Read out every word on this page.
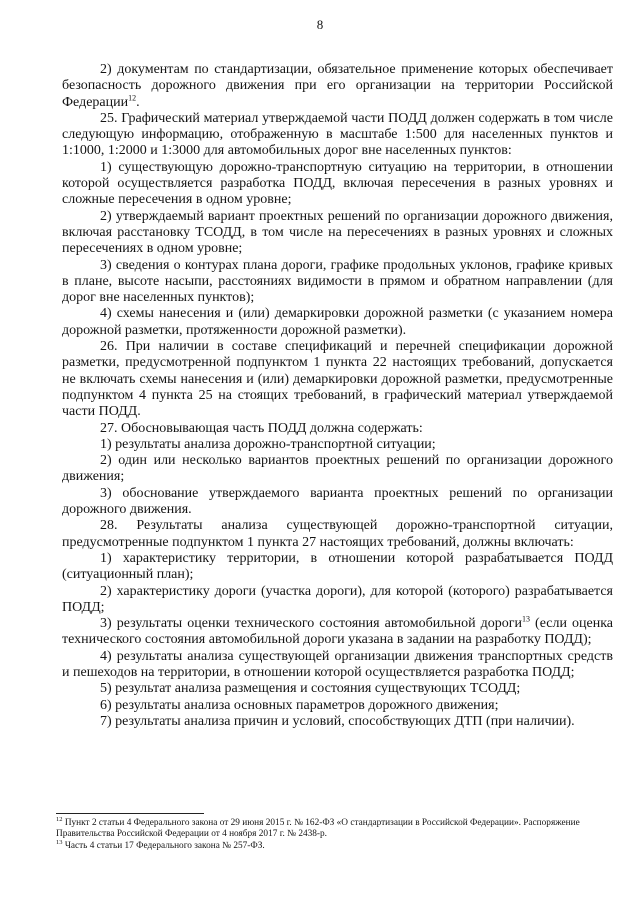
8

2) документам по стандартизации, обязательное применение которых обеспечивает безопасность дорожного движения при его организации на территории Российской Федерации$^{12}$.

25. Графический материал утверждаемой части ПОДД должен содержать в том числе следующую информацию, отображенную в масштабе 1:500 для населенных пунктов и 1:1000, 1:2000 и 1:3000 для автомобильных дорог вне населенных пунктов:

1) существующую дорожно-транспортную ситуацию на территории, в отношении которой осуществляется разработка ПОДД, включая пересечения в разных уровнях и сложные пересечения в одном уровне;

2) утверждаемый вариант проектных решений по организации дорожного движения, включая расстановку ТСОДД, в том числе на пересечениях в разных уровнях и сложных пересечениях в одном уровне;

3) сведения о контурах плана дороги, графике продольных уклонов, графике кривых в плане, высоте насыпи, расстояниях видимости в прямом и обратном направлении (для дорог вне населенных пунктов);

4) схемы нанесения и (или) демаркировки дорожной разметки (с указанием номера дорожной разметки, протяженности дорожной разметки).

26. При наличии в составе спецификаций и перечней спецификации дорожной разметки, предусмотренной подпунктом 1 пункта 22 настоящих требований, допускается не включать схемы нанесения и (или) демаркировки дорожной разметки, предусмотренные подпунктом 4 пункта 25 на стоящих требований, в графический материал утверждаемой части ПОДД.

27. Обосновывающая часть ПОДД должна содержать:

1) результаты анализа дорожно-транспортной ситуации;

2) один или несколько вариантов проектных решений по организации дорожного движения;

3) обоснование утверждаемого варианта проектных решений по организации дорожного движения.

28. Результаты анализа существующей дорожно-транспортной ситуации, предусмотренные подпунктом 1 пункта 27 настоящих требований, должны включать:

1) характеристику территории, в отношении которой разрабатывается ПОДД (ситуационный план);

2) характеристику дороги (участка дороги), для которой (которого) разрабатывается ПОДД;

3) результаты оценки технического состояния автомобильной дороги$^{13}$ (если оценка технического состояния автомобильной дороги указана в задании на разработку ПОДД);

4) результаты анализа существующей организации движения транспортных средств и пешеходов на территории, в отношении которой осуществляется разработка ПОДД;

5) результат анализа размещения и состояния существующих ТСОДД;

6) результаты анализа основных параметров дорожного движения;

7) результаты анализа причин и условий, способствующих ДТП (при наличии).

$^{12}$ Пункт 2 статьи 4 Федерального закона от 29 июня 2015 г. № 162-ФЗ «О стандартизации в Российской Федерации». Распоряжение Правительства Российской Федерации от 4 ноября 2017 г. № 2438-р.

$^{13}$ Часть 4 статьи 17 Федерального закона № 257-ФЗ.
